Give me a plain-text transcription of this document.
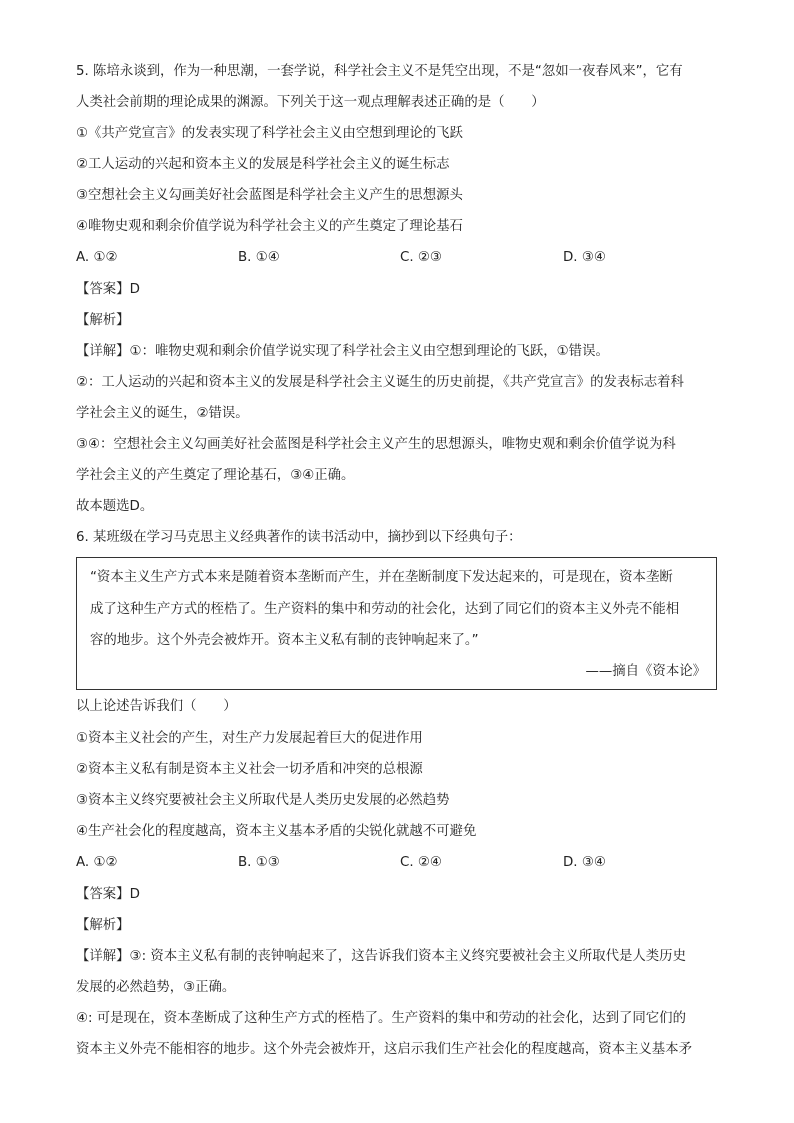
5. 陈培永谈到，作为一种思潮，一套学说，科学社会主义不是凭空出现，不是“忽如一夜春风来”，它有
人类社会前期的理论成果的渊源。下列关于这一观点理解表述正确的是（　　）
①《共产党宣言》的发表实现了科学社会主义由空想到理论的飞跃
②工人运动的兴起和资本主义的发展是科学社会主义的诞生标志
③空想社会主义勾画美好社会蓝图是科学社会主义产生的思想源头
④唯物史观和剩余价值学说为科学社会主义的产生奠定了理论基石
A. ①②	B. ①④	C. ②③	D. ③④
【答案】D
【解析】
【详解】①：唯物史观和剩余价值学说实现了科学社会主义由空想到理论的飞跃，①错误。
②：工人运动的兴起和资本主义的发展是科学社会主义诞生的历史前提，《共产党宣言》的发表标志着科
学社会主义的诞生，②错误。
③④：空想社会主义勾画美好社会蓝图是科学社会主义产生的思想源头，唯物史观和剩余价值学说为科
学社会主义的产生奠定了理论基石，③④正确。
故本题选D。
6. 某班级在学习马克思主义经典著作的读书活动中，摘抄到以下经典句子：
“资本主义生产方式本来是随着资本垄断而产生，并在垄断制度下发达起来的，可是现在，资本垄断
成了这种生产方式的桎梏了。生产资料的集中和劳动的社会化，达到了同它们的资本主义外壳不能相
容的地步。这个外壳会被炸开。资本主义私有制的丧钟响起来了。”
——摘自《资本论》
以上论述告诉我们（　　）
①资本主义社会的产生，对生产力发展起着巨大的促进作用
②资本主义私有制是资本主义社会一切矛盾和冲突的总根源
③资本主义终究要被社会主义所取代是人类历史发展的必然趋势
④生产社会化的程度越高，资本主义基本矛盾的尖锐化就越不可避免
A. ①②	B. ①③	C. ②④	D. ③④
【答案】D
【解析】
【详解】③: 资本主义私有制的丧钟响起来了，这告诉我们资本主义终究要被社会主义所取代是人类历史
发展的必然趋势，③正确。
④: 可是现在，资本垄断成了这种生产方式的桎梏了。生产资料的集中和劳动的社会化，达到了同它们的
资本主义外壳不能相容的地步。这个外壳会被炸开，这启示我们生产社会化的程度越高，资本主义基本矛
